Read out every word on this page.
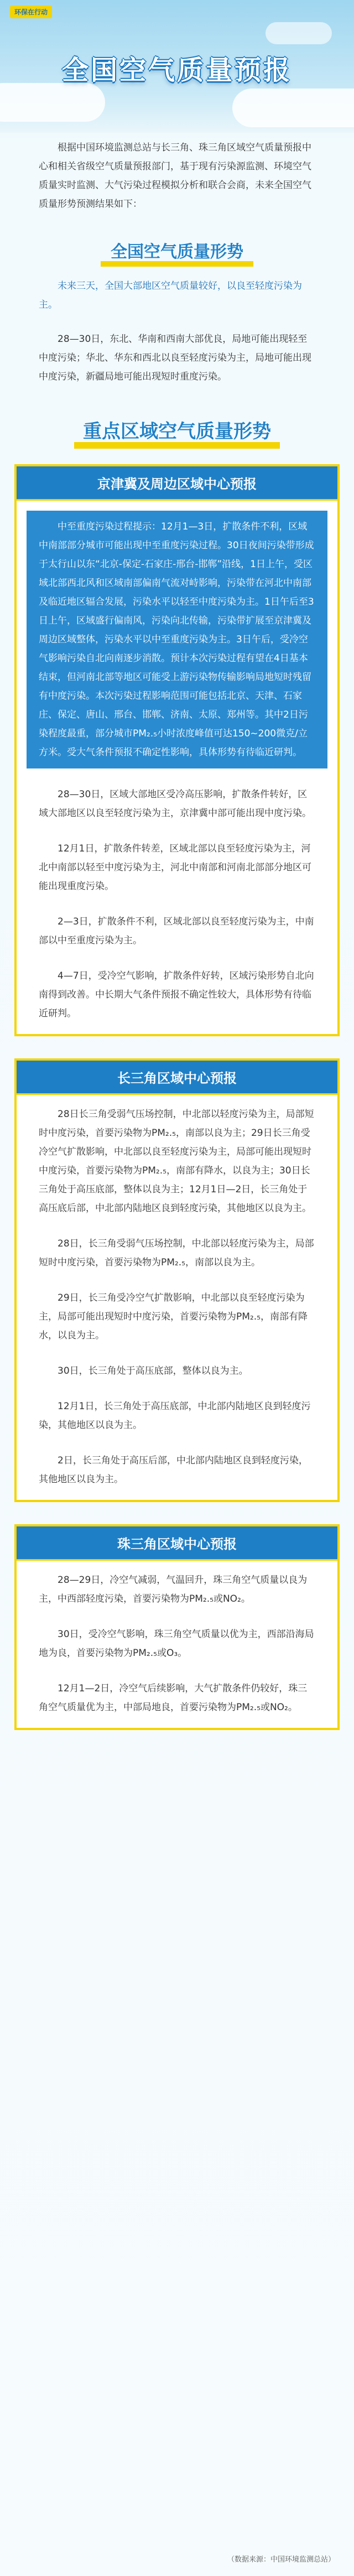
环保在行动
全国空气质量预报

根据中国环境监测总站与长三角、珠三角区域空气质量预报中心和相关省级空气质量预报部门，基于现有污染源监测、环境空气质量实时监测、大气污染过程模拟分析和联合会商，未来全国空气质量形势预测结果如下：

全国空气质量形势

未来三天，全国大部地区空气质量较好，以良至轻度污染为主。

28—30日，东北、华南和西南大部优良，局地可能出现轻至中度污染；华北、华东和西北以良至轻度污染为主，局地可能出现中度污染，新疆局地可能出现短时重度污染。

重点区域空气质量形势
京津冀及周边区域中心预报

中至重度污染过程提示：12月1—3日，扩散条件不利，区域中南部部分城市可能出现中至重度污染过程。30日夜间污染带形成于太行山以东“北京-保定-石家庄-邢台-邯郸”沿线，1日上午，受区域北部西北风和区域南部偏南气流对峙影响，污染带在河北中南部及临近地区辐合发展，污染水平以轻至中度污染为主。1日午后至3日上午，区域盛行偏南风，污染向北传输，污染带扩展至京津冀及周边区域整体，污染水平以中至重度污染为主。3日午后，受冷空气影响污染自北向南逐步消散。预计本次污染过程有望在4日基本结束，但河南北部等地区可能受上游污染物传输影响局地短时残留有中度污染。本次污染过程影响范围可能包括北京、天津、石家庄、保定、唐山、邢台、邯郸、济南、太原、郑州等。其中2日污染程度最重，部分城市PM₂.₅小时浓度峰值可达150~200微克/立方米。受大气条件预报不确定性影响，具体形势有待临近研判。

28—30日，区域大部地区受冷高压影响，扩散条件转好，区域大部地区以良至轻度污染为主，京津冀中部可能出现中度污染。

12月1日，扩散条件转差，区域北部以良至轻度污染为主，河北中南部以轻至中度污染为主，河北中南部和河南北部部分地区可能出现重度污染。

2—3日，扩散条件不利，区域北部以良至轻度污染为主，中南部以中至重度污染为主。

4—7日，受冷空气影响，扩散条件好转，区域污染形势自北向南得到改善。中长期大气条件预报不确定性较大，具体形势有待临近研判。

长三角区域中心预报

28日长三角受弱气压场控制，中北部以轻度污染为主，局部短时中度污染，首要污染物为PM₂.₅，南部以良为主；29日长三角受冷空气扩散影响，中北部以良至轻度污染为主，局部可能出现短时中度污染，首要污染物为PM₂.₅，南部有降水，以良为主；30日长三角处于高压底部，整体以良为主；12月1日—2日，长三角处于高压底后部，中北部内陆地区良到轻度污染，其他地区以良为主。

28日，长三角受弱气压场控制，中北部以轻度污染为主，局部短时中度污染，首要污染物为PM₂.₅，南部以良为主。

29日，长三角受冷空气扩散影响，中北部以良至轻度污染为主，局部可能出现短时中度污染，首要污染物为PM₂.₅，南部有降水，以良为主。

30日，长三角处于高压底部，整体以良为主。

12月1日，长三角处于高压底部，中北部内陆地区良到轻度污染，其他地区以良为主。

2日，长三角处于高压后部，中北部内陆地区良到轻度污染，其他地区以良为主。

珠三角区域中心预报

28—29日，冷空气减弱，气温回升，珠三角空气质量以良为主，中西部轻度污染，首要污染物为PM₂.₅或NO₂。

30日，受冷空气影响，珠三角空气质量以优为主，西部沿海局地为良，首要污染物为PM₂.₅或O₃。

12月1—2日，冷空气后续影响，大气扩散条件仍较好，珠三角空气质量优为主，中部局地良，首要污染物为PM₂.₅或NO₂。

（数据来源：中国环境监测总站）
